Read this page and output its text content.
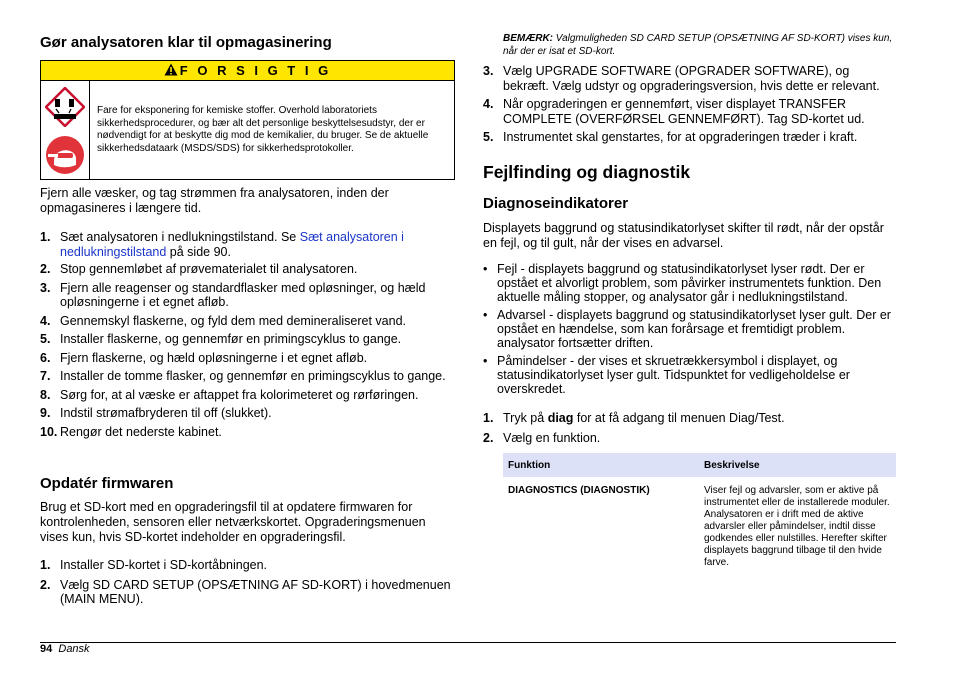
Gør analysatoren klar til opmagasinering
F O R S I G T I G
Fare for eksponering for kemiske stoffer. Overhold laboratoriets sikkerhedsprocedurer, og bær alt det personlige beskyttelsesudstyr, der er nødvendigt for at beskytte dig mod de kemikalier, du bruger. Se de aktuelle sikkerhedsdataark (MSDS/SDS) for sikkerhedsprotokoller.

Fjern alle væsker, og tag strømmen fra analysatoren, inden der opmagasineres i længere tid.

1. Sæt analysatoren i nedlukningstilstand. Se Sæt analysatoren i nedlukningstilstand på side 90.
2. Stop gennemløbet af prøvematerialet til analysatoren.
3. Fjern alle reagenser og standardflasker med opløsninger, og hæld opløsningerne i et egnet afløb.
4. Gennemskyl flaskerne, og fyld dem med demineraliseret vand.
5. Installer flaskerne, og gennemfør en primingscyklus to gange.
6. Fjern flaskerne, og hæld opløsningerne i et egnet afløb.
7. Installer de tomme flasker, og gennemfør en primingscyklus to gange.
8. Sørg for, at al væske er aftappet fra kolorimeteret og rørføringen.
9. Indstil strømafbryderen til off (slukket).
10. Rengør det nederste kabinet.
Opdatér firmwaren

Brug et SD-kort med en opgraderingsfil til at opdatere firmwaren for kontrolenheden, sensoren eller netværkskortet. Opgraderingsmenuen vises kun, hvis SD-kortet indeholder en opgraderingsfil.

1. Installer SD-kortet i SD-kortåbningen.
2. Vælg SD CARD SETUP (OPSÆTNING AF SD-KORT) i hovedmenuen (MAIN MENU).
BEMÆRK: Valgmuligheden SD CARD SETUP (OPSÆTNING AF SD-KORT) vises kun, når der er isat et SD-kort.
3. Vælg UPGRADE SOFTWARE (OPGRADER SOFTWARE), og bekræft. Vælg udstyr og opgraderingsversion, hvis dette er relevant.
4. Når opgraderingen er gennemført, viser displayet TRANSFER COMPLETE (OVERFØRSEL GENNEMFØRT). Tag SD-kortet ud.
5. Instrumentet skal genstartes, for at opgraderingen træder i kraft.
Fejlfinding og diagnostik
Diagnoseindikatorer

Displayets baggrund og statusindikatorlyset skifter til rødt, når der opstår en fejl, og til gult, når der vises en advarsel.

• Fejl - displayets baggrund og statusindikatorlyset lyser rødt. Der er opstået et alvorligt problem, som påvirker instrumentets funktion. Den aktuelle måling stopper, og analysator går i nedlukningstilstand.
• Advarsel - displayets baggrund og statusindikatorlyset lyser gult. Der er opstået en hændelse, som kan forårsage et fremtidigt problem. analysator fortsætter driften.
• Påmindelser - der vises et skruetrækkersymbol i displayet, og statusindikatorlyset lyser gult. Tidspunktet for vedligeholdelse er overskredet.
1. Tryk på diag for at få adgang til menuen Diag/Test.
2. Vælg en funktion.
Funktion	Beskrivelse
DIAGNOSTICS (DIAGNOSTIK)	Viser fejl og advarsler, som er aktive på instrumentet eller de installerede moduler. Analysatoren er i drift med de aktive advarsler eller påmindelser, indtil disse godkendes eller nulstilles. Herefter skifter displayets baggrund tilbage til den hvide farve.
94 Dansk
